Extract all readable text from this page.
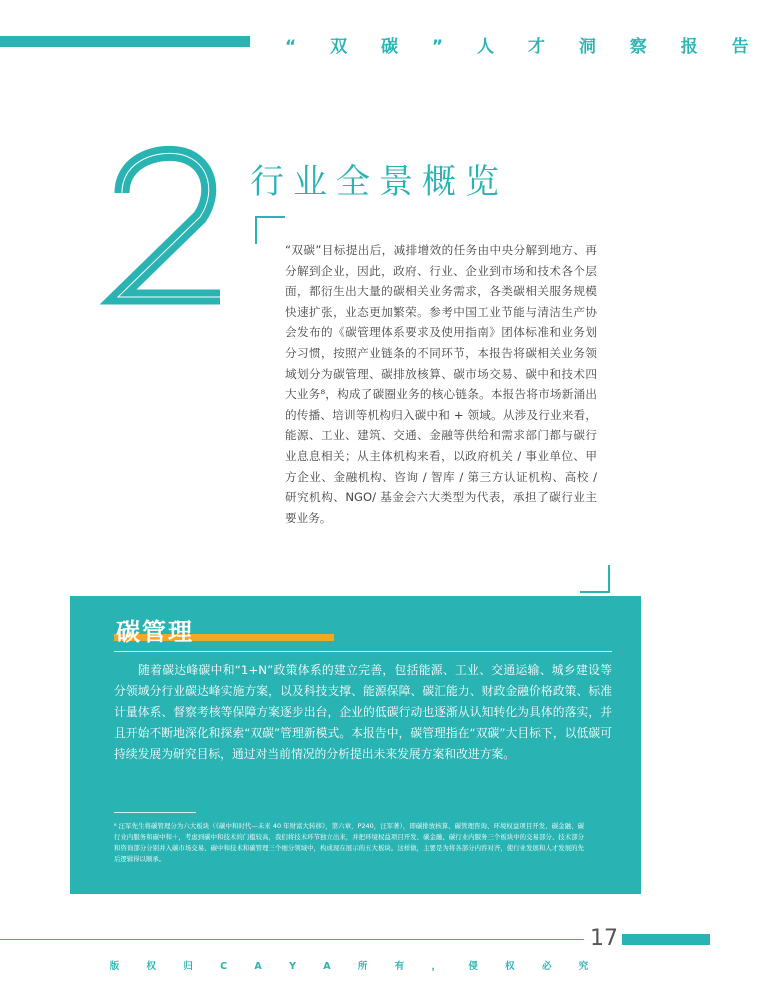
“ 双 碳 ” 人 才 洞 察 报 告
2
行业全景概览

“双碳”目标提出后，减排增效的任务由中央分解到地方、再分解到企业，因此，政府、行业、企业到市场和技术各个层面，都衍生出大量的碳相关业务需求，各类碳相关服务规模快速扩张，业态更加繁荣。参考中国工业节能与清洁生产协会发布的《碳管理体系要求及使用指南》团体标准和业务划分习惯，按照产业链条的不同环节，本报告将碳相关业务领域划分为碳管理、碳排放核算、碳市场交易、碳中和技术四大业务⁸，构成了碳圈业务的核心链条。本报告将市场新涌出的传播、培训等机构归入碳中和 + 领域。从涉及行业来看，能源、工业、建筑、交通、金融等供给和需求部门都与碳行业息息相关；从主体机构来看，以政府机关 / 事业单位、甲方企业、金融机构、咨询 / 智库 / 第三方认证机构、高校 / 研究机构、NGO/ 基金会六大类型为代表，承担了碳行业主要业务。

碳管理

随着碳达峰碳中和“1+N”政策体系的建立完善，包括能源、工业、交通运输、城乡建设等分领域分行业碳达峰实施方案，以及科技支撑、能源保障、碳汇能力、财政金融价格政策、标准计量体系、督察考核等保障方案逐步出台，企业的低碳行动也逐渐从认知转化为具体的落实，并且开始不断地深化和探索“双碳”管理新模式。本报告中，碳管理指在“双碳”大目标下，以低碳可持续发展为研究目标，通过对当前情况的分析提出未来发展方案和改进方案。

⁸ 汪军先生将碳管理分为六大板块（《碳中和时代—未来 40 年财富大转移》，第六章，P240，汪军著），即碳排放核算、碳管理咨询、环境权益项目开发、碳金融、碳行业内服务和碳中和＋，考虑到碳中和技术的门槛较高，我们将技术环节独立出来，并把环境权益项目开发、碳金融、碳行业内服务三个板块中的交易部分、技术部分和咨询部分分别并入碳市场交易、碳中和技术和碳管理三个细分领域中，构成现在展示的五大板块。这样做，主要是为将各部分内容对齐，使行业发展和人才发展的先后逻辑得以顺承。

17
版 权 归 C A Y A 所 有 ， 侵 权 必 究
